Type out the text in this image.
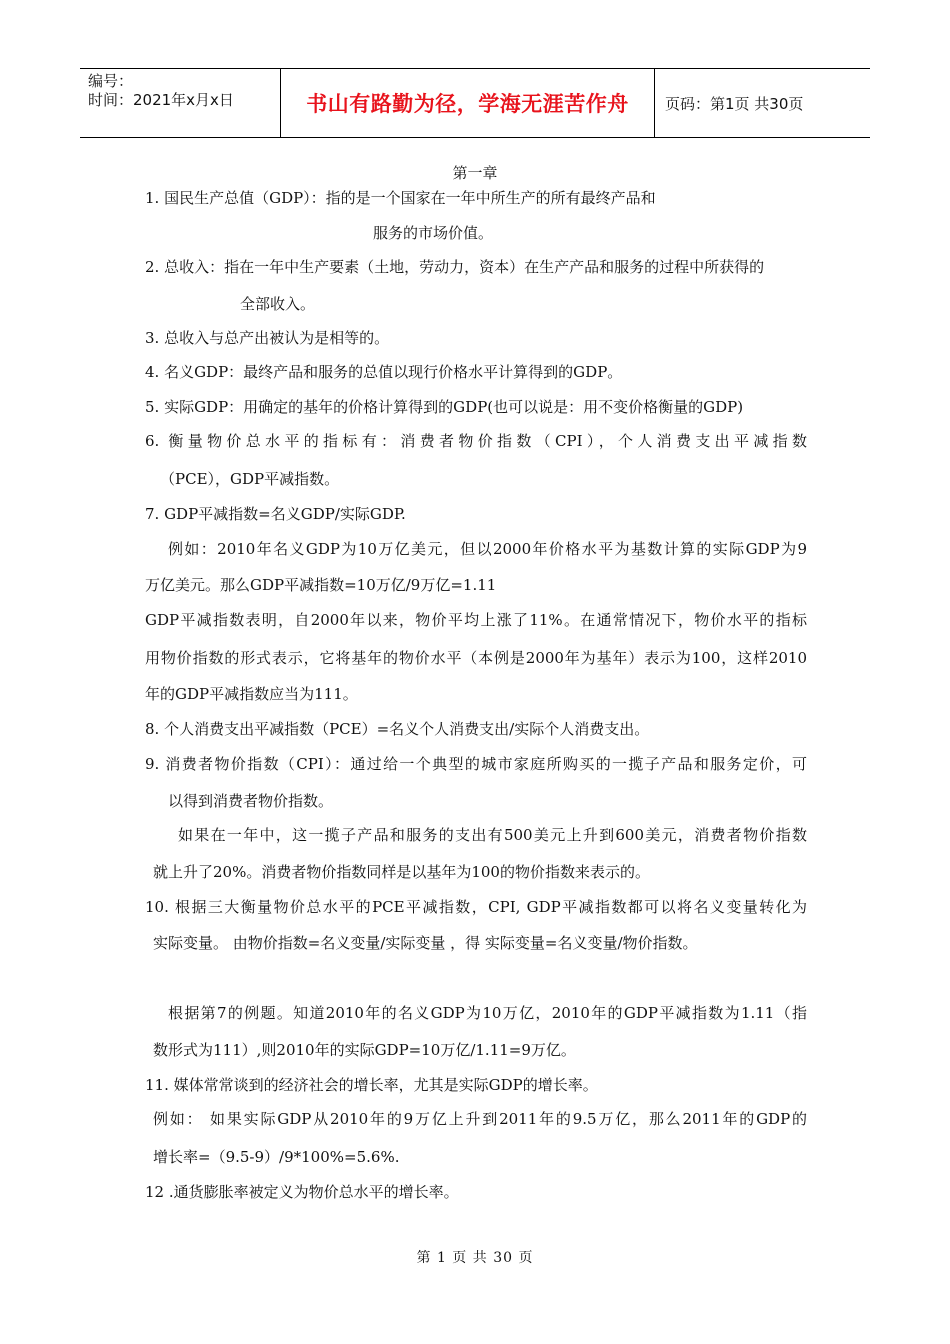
编号：
时间：2021年x月x日	书山有路勤为径，学海无涯苦作舟	页码：第1页 共30页
第一章
1. 国民生产总值（GDP）：指的是一个国家在一年中所生产的所有最终产品和
服务的市场价值。
2. 总收入：指在一年中生产要素（土地，劳动力，资本）在生产产品和服务的过程中所获得的
全部收入。
3. 总收入与总产出被认为是相等的。
4. 名义GDP：最终产品和服务的总值以现行价格水平计算得到的GDP。
5. 实际GDP：用确定的基年的价格计算得到的GDP(也可以说是：用不变价格衡量的GDP)
6. 衡量物价总水平的指标有：消费者物价指数（CPI），个人消费支出平减指数
（PCE），GDP平减指数。
7. GDP平减指数=名义GDP/实际GDP.
例如：2010年名义GDP为10万亿美元，但以2000年价格水平为基数计算的实际GDP为9
万亿美元。那么GDP平减指数=10万亿/9万亿=1.11
GDP平减指数表明，自2000年以来，物价平均上涨了11%。在通常情况下，物价水平的指标
用物价指数的形式表示，它将基年的物价水平（本例是2000年为基年）表示为100，这样2010
年的GDP平减指数应当为111。
8. 个人消费支出平减指数（PCE）=名义个人消费支出/实际个人消费支出。
9. 消费者物价指数（CPI）：通过给一个典型的城市家庭所购买的一揽子产品和服务定价，可
以得到消费者物价指数。
如果在一年中，这一揽子产品和服务的支出有500美元上升到600美元，消费者物价指数
就上升了20%。消费者物价指数同样是以基年为100的物价指数来表示的。
10. 根据三大衡量物价总水平的PCE平减指数，CPI, GDP平减指数都可以将名义变量转化为
实际变量。 由物价指数=名义变量/实际变量 ，得 实际变量=名义变量/物价指数。
根据第7的例题。知道2010年的名义GDP为10万亿，2010年的GDP平减指数为1.11（指
数形式为111）,则2010年的实际GDP=10万亿/1.11=9万亿。
11. 媒体常常谈到的经济社会的增长率，尤其是实际GDP的增长率。
例如： 如果实际GDP从2010年的9万亿上升到2011年的9.5万亿，那么2011年的GDP的
增长率=（9.5-9）/9*100%=5.6%.
12 .通货膨胀率被定义为物价总水平的增长率。
第 1 页 共 30 页
